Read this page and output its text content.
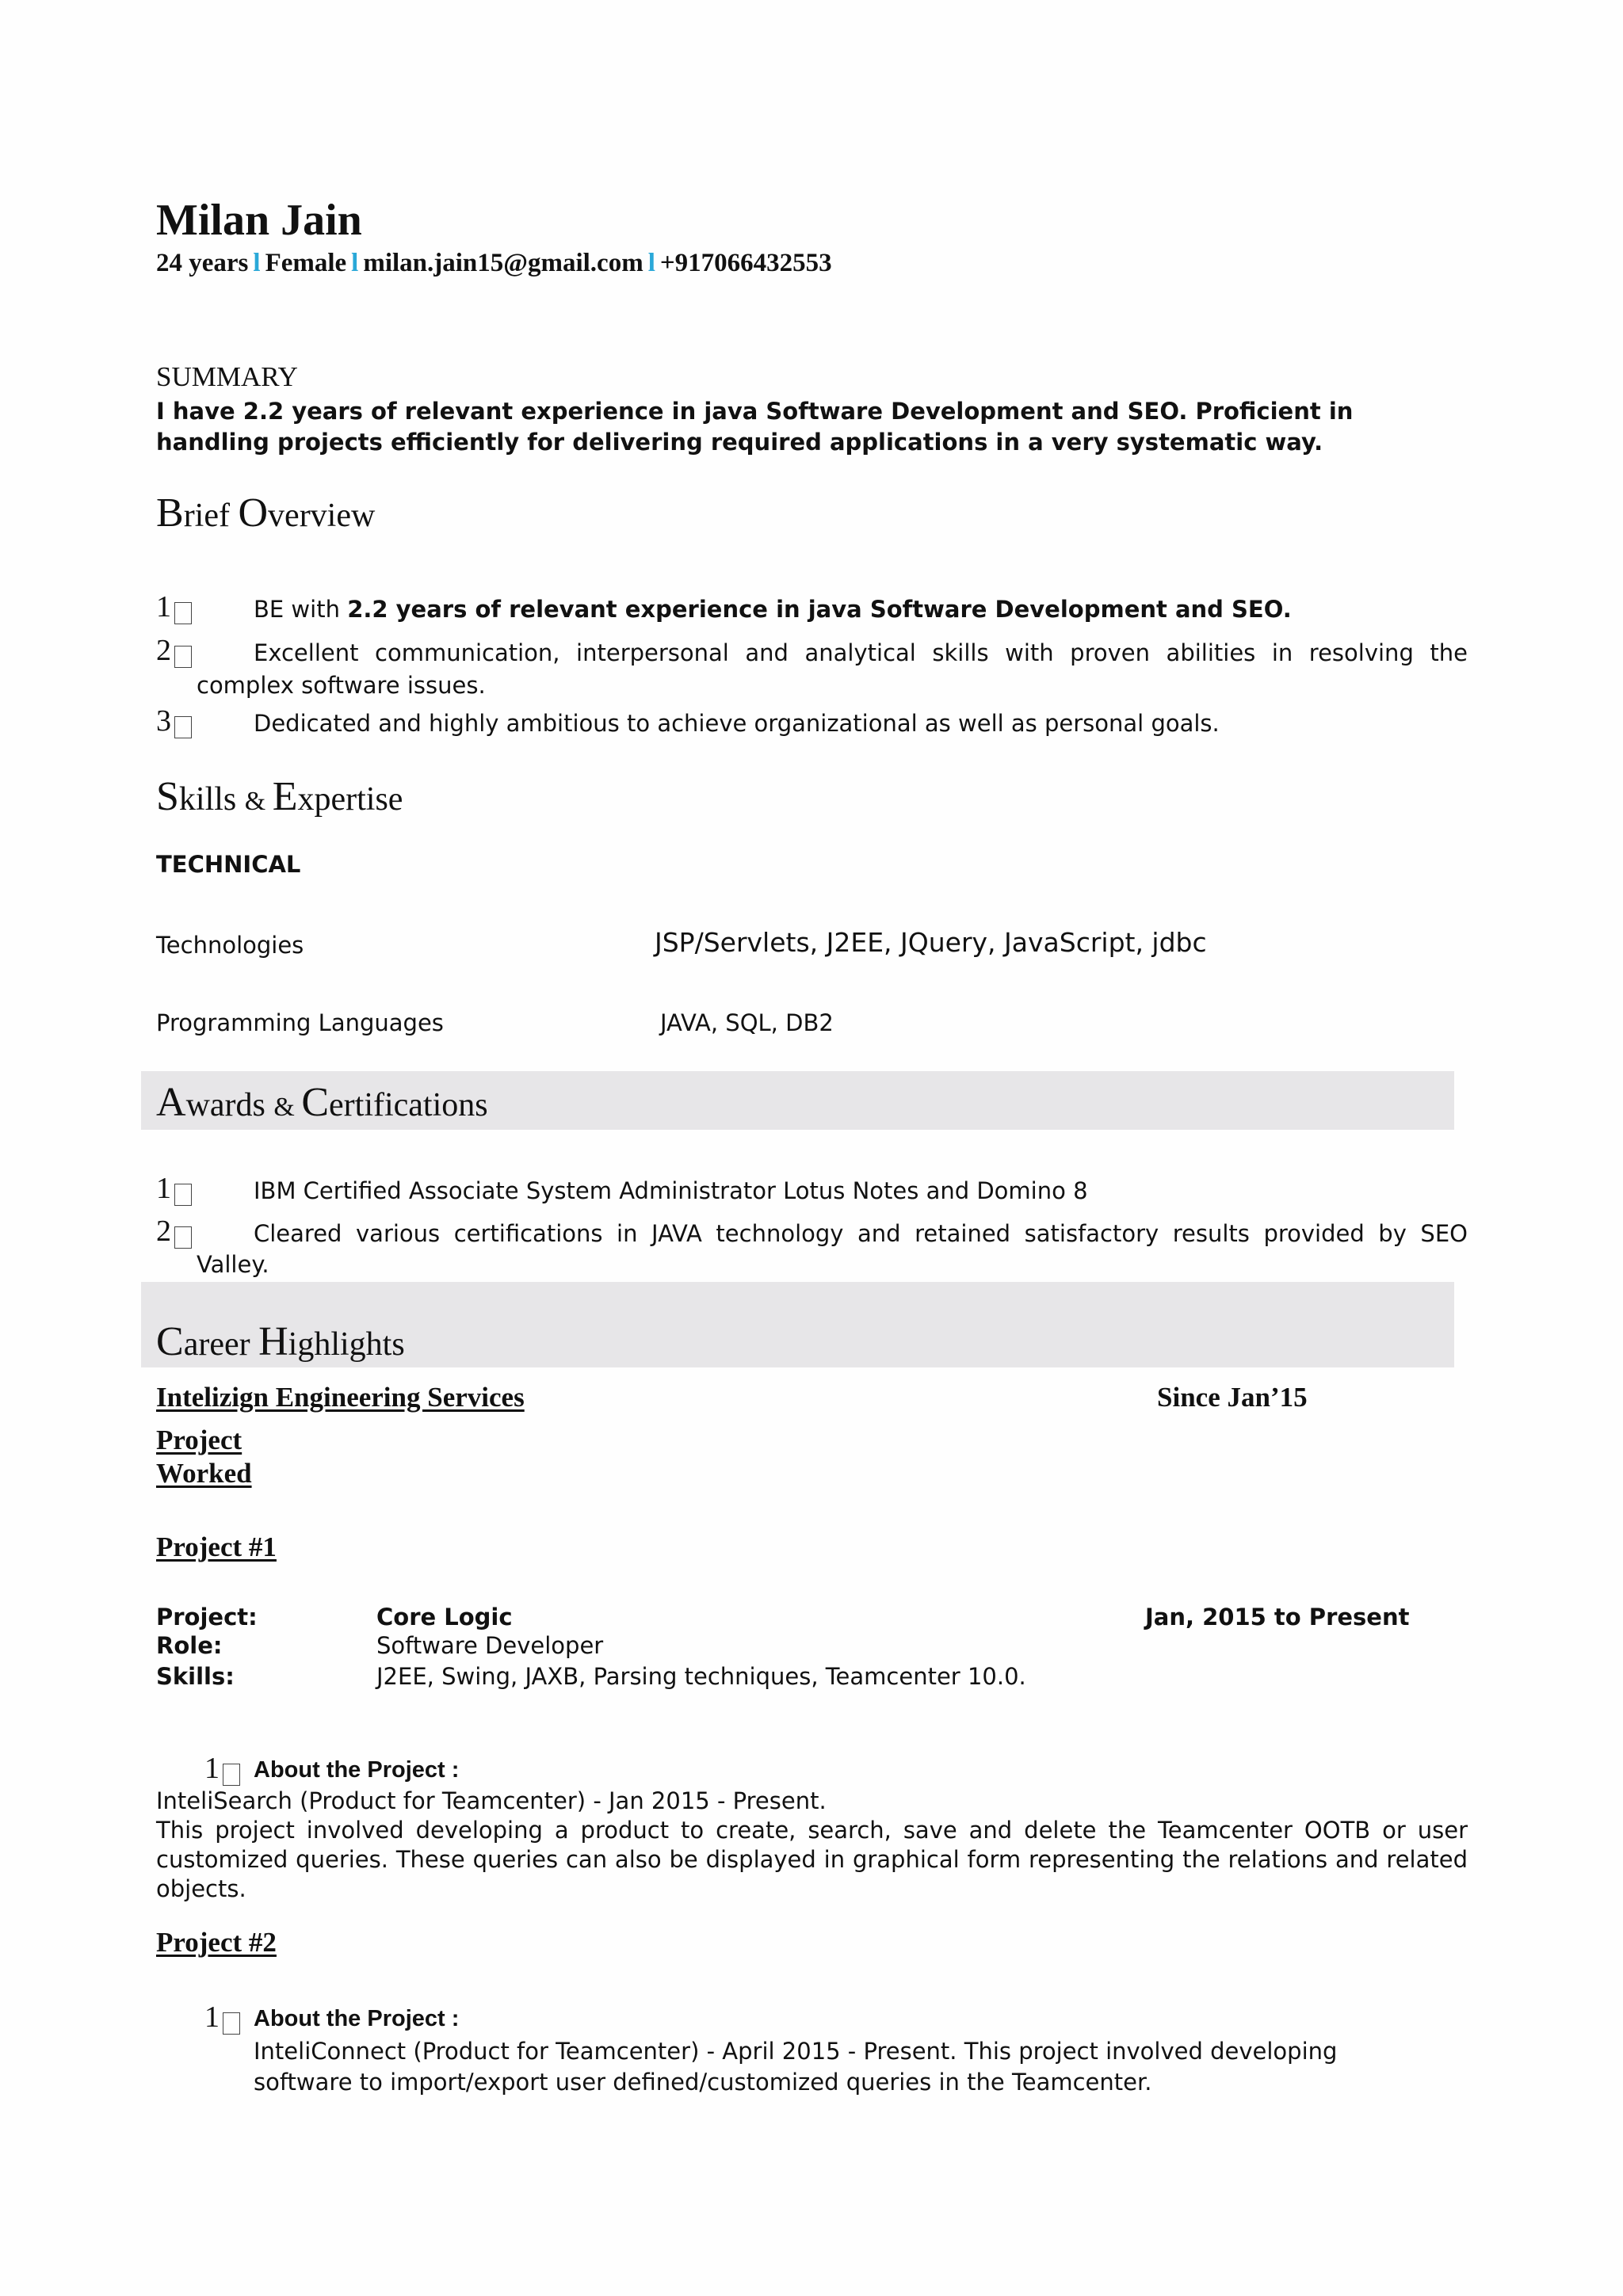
Milan Jain
24 years l Female l milan.jain15@gmail.com l +917066432553
SUMMARY
I have 2.2 years of relevant experience in java Software Development and SEO. Proficient in handling projects efficiently for delivering required applications in a very systematic way.
Brief Overview
1	BE with 2.2 years of relevant experience in java Software Development and SEO.
2	Excellent communication, interpersonal and analytical skills with proven abilities in resolving the
complex software issues.
3	Dedicated and highly ambitious to achieve organizational as well as personal goals.
Skills & Expertise
TECHNICAL
Technologies	JSP/Servlets, J2EE, JQuery, JavaScript, jdbc
Programming Languages	JAVA, SQL, DB2
Awards & Certifications
1	IBM Certified Associate System Administrator Lotus Notes and Domino 8
2	Cleared various certifications in JAVA technology and retained satisfactory results provided by SEO
Valley.
Career Highlights
Intelizign Engineering Services	Since Jan’15
Project
Worked
Project #1
Project:	Core Logic	Jan, 2015 to Present
Role:	Software Developer
Skills:	J2EE, Swing, JAXB, Parsing techniques, Teamcenter 10.0.
1	About the Project :
InteliSearch (Product for Teamcenter) - Jan 2015 - Present.
This project involved developing a product to create, search, save and delete the Teamcenter OOTB or user customized queries. These queries can also be displayed in graphical form representing the relations and related objects.
Project #2
1	About the Project :
InteliConnect (Product for Teamcenter) - April 2015 - Present. This project involved developing software to import/export user defined/customized queries in the Teamcenter.
